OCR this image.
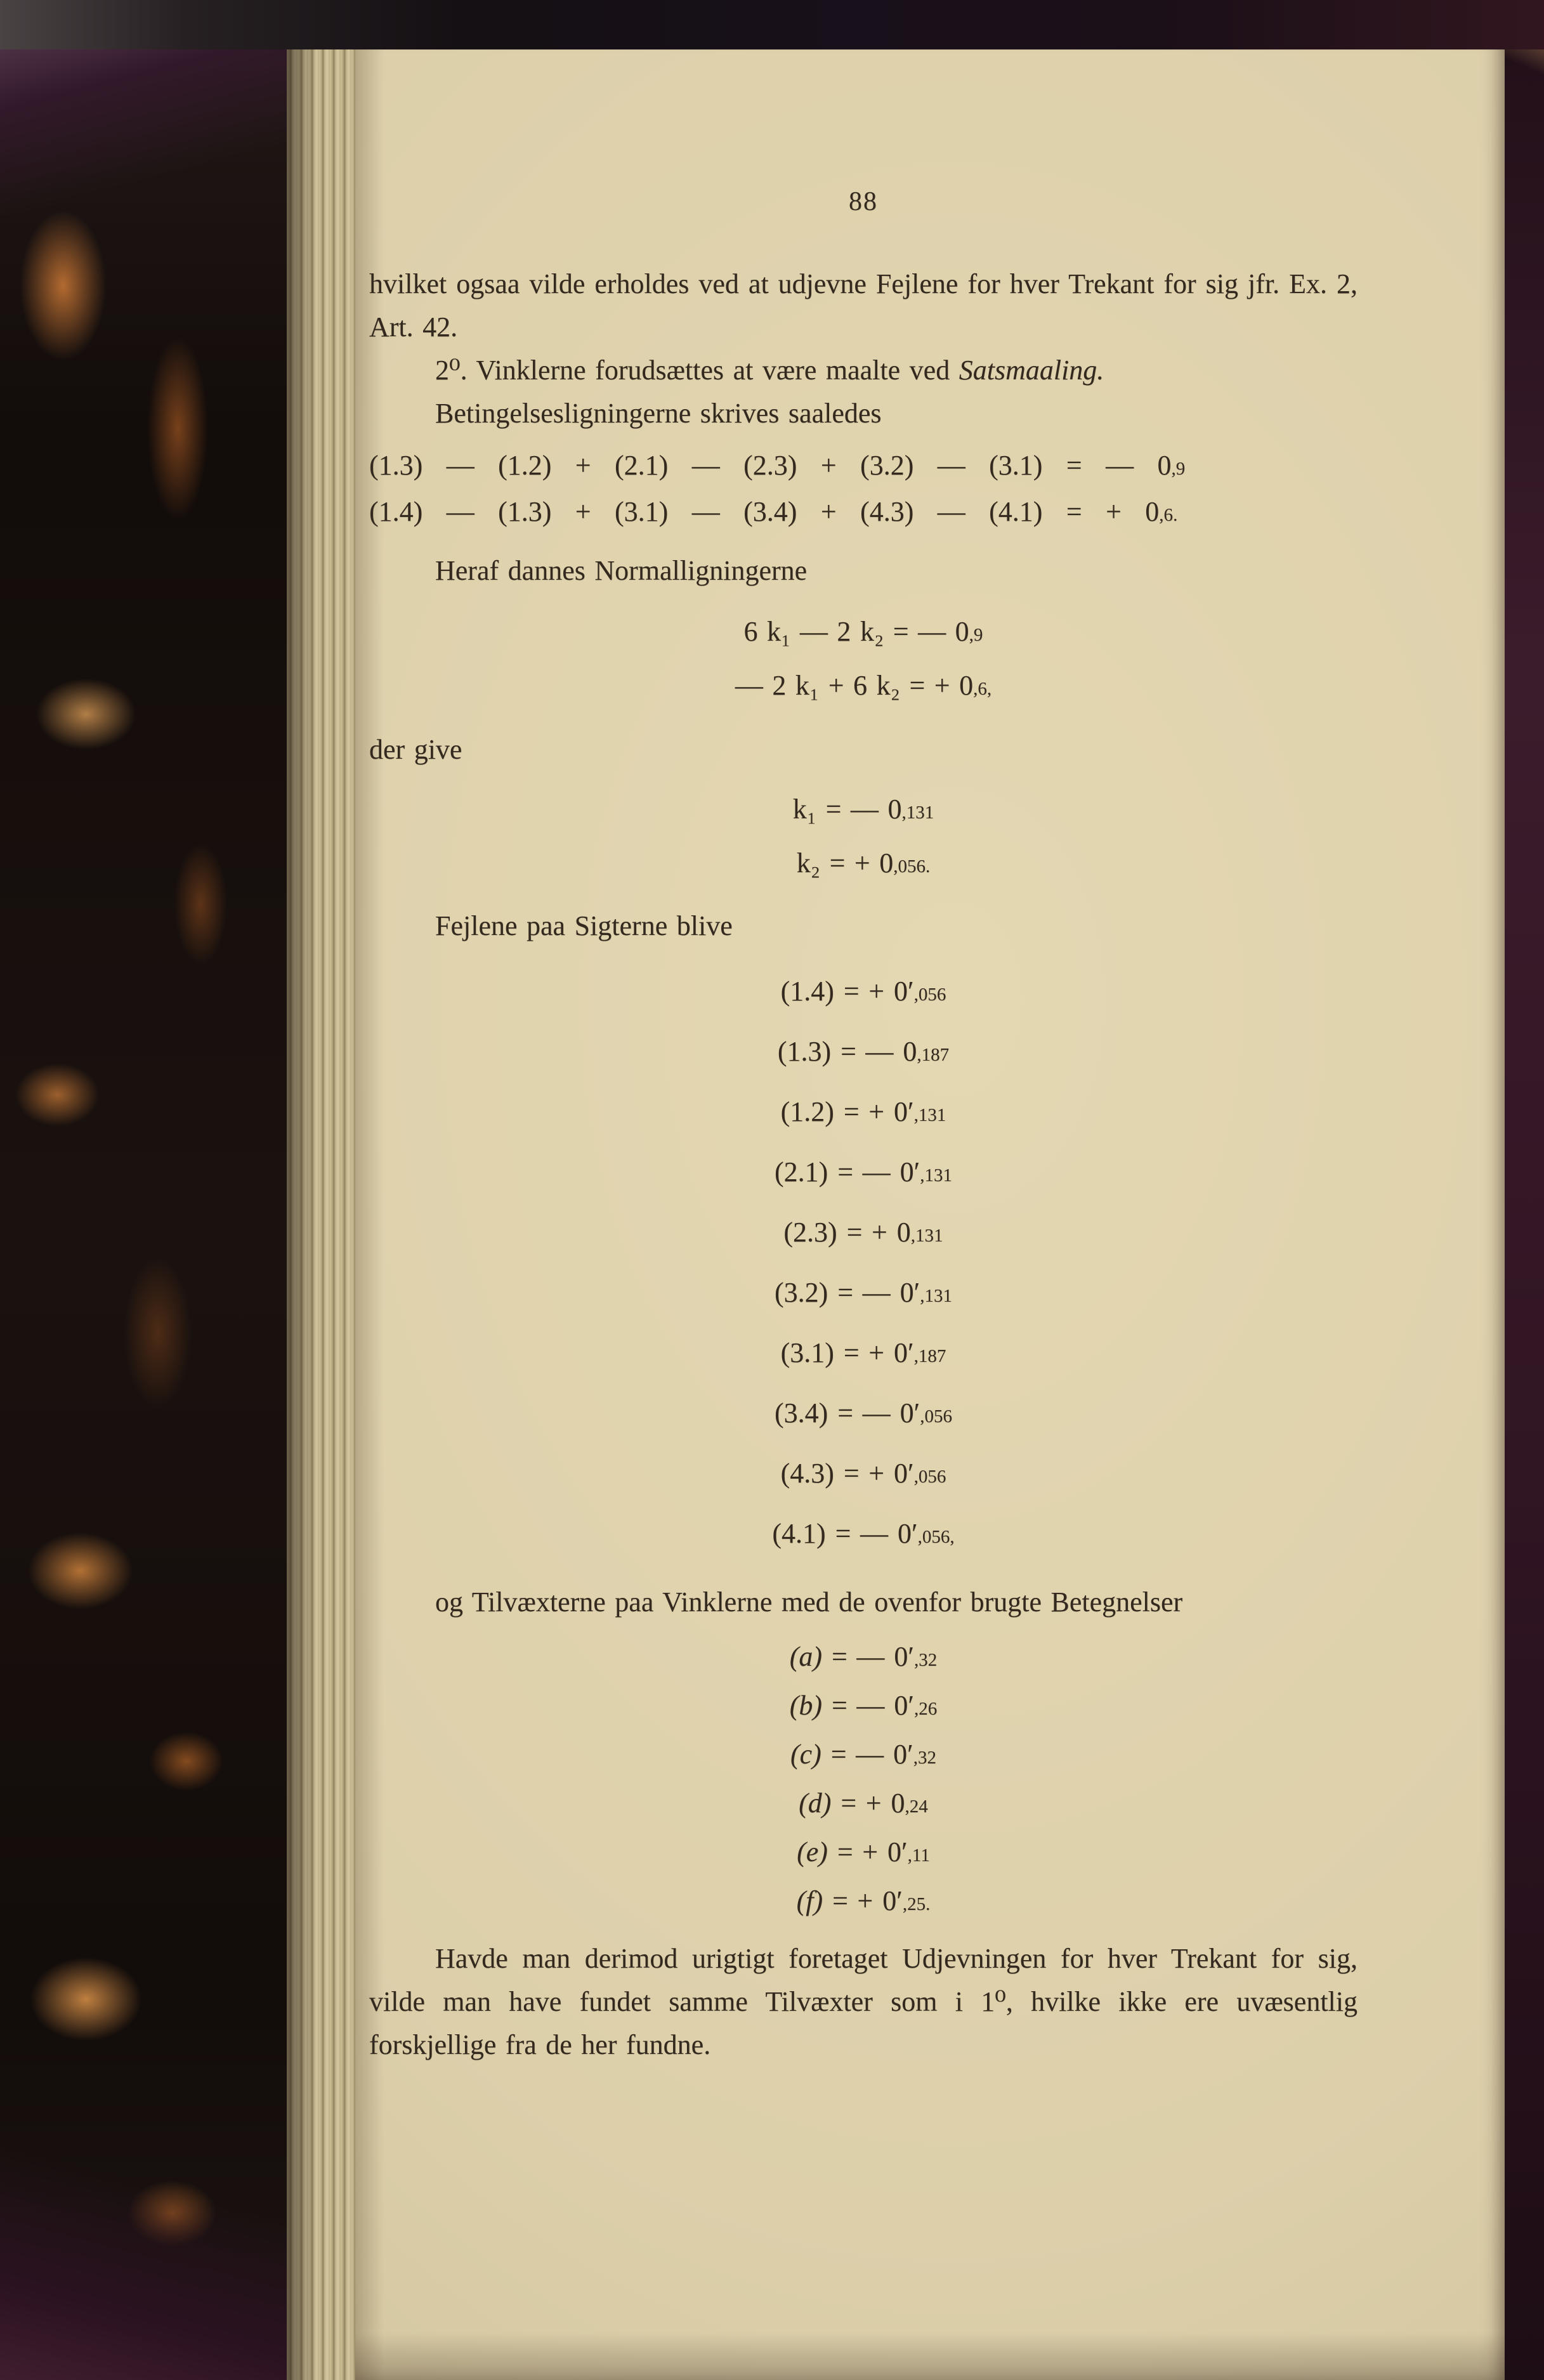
88

hvilket ogsaa vilde erholdes ved at udjevne Fejlene for hver Trekant for sig jfr. Ex. 2, Art. 42.

2⁰. Vinklerne forudsættes at være maalte ved Satsmaaling.

Betingelsesligningerne skrives saaledes

(1.3) — (1.2) + (2.1) — (2.3) + (3.2) — (3.1) = — 0,9
(1.4) — (1.3) + (3.1) — (3.4) + (4.3) — (4.1) = + 0,6.

Heraf dannes Normalligningerne

6 k₁ — 2 k₂ = — 0,9
— 2 k₁ + 6 k₂ = + 0,6,

der give

k₁ = — 0,131
k₂ = + 0,056.

Fejlene paa Sigterne blive

(1.4) = + 0′,056
(1.3) = — 0,187
(1.2) = + 0′,131
(2.1) = — 0′,131
(2.3) = + 0,131
(3.2) = — 0′,131
(3.1) = + 0′,187
(3.4) = — 0′,056
(4.3) = + 0′,056
(4.1) = — 0′,056,

og Tilvæxterne paa Vinklerne med de ovenfor brugte Betegnelser

(a) = — 0′,32
(b) = — 0′,26
(c) = — 0′,32
(d) = + 0,24
(e) = + 0′,11
(f) = + 0′,25.

Havde man derimod urigtigt foretaget Udjevningen for hver Trekant for sig, vilde man have fundet samme Tilvæxter som i 1⁰, hvilke ikke ere uvæsentlig forskjellige fra de her fundne.
